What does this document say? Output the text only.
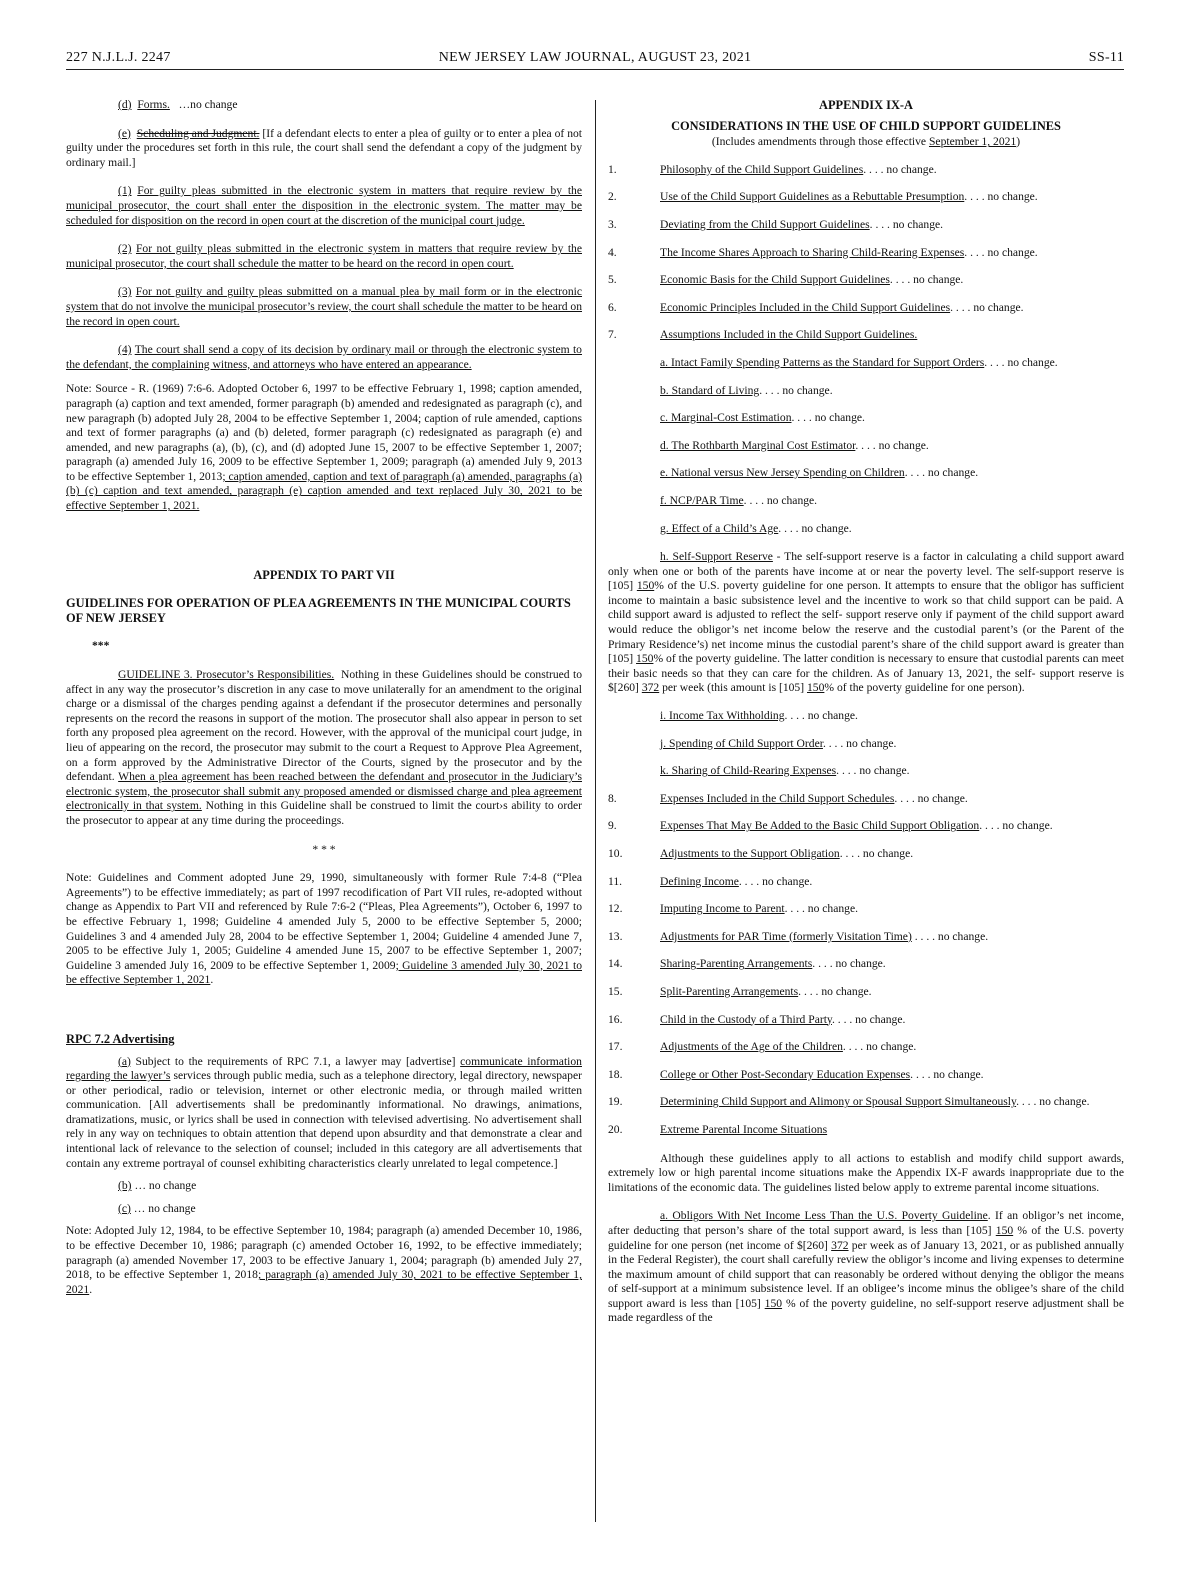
227 N.J.L.J. 2247	NEW JERSEY LAW JOURNAL, AUGUST 23, 2021	SS-11

(d) Forms. …no change

(e) Scheduling and Judgment. [If a defendant elects to enter a plea of guilty or to enter a plea of not guilty under the procedures set forth in this rule, the court shall send the defendant a copy of the judgment by ordinary mail.]

(1) For guilty pleas submitted in the electronic system in matters that require review by the municipal prosecutor, the court shall enter the disposition in the electronic system. The matter may be scheduled for disposition on the record in open court at the discretion of the municipal court judge.

(2) For not guilty pleas submitted in the electronic system in matters that require review by the municipal prosecutor, the court shall schedule the matter to be heard on the record in open court.

(3) For not guilty and guilty pleas submitted on a manual plea by mail form or in the electronic system that do not involve the municipal prosecutor’s review, the court shall schedule the matter to be heard on the record in open court.

(4) The court shall send a copy of its decision by ordinary mail or through the electronic system to the defendant, the complaining witness, and attorneys who have entered an appearance.

Note: Source - R. (1969) 7:6-6. Adopted October 6, 1997 to be effective February 1, 1998; caption amended, paragraph (a) caption and text amended, former paragraph (b) amended and redesignated as paragraph (c), and new paragraph (b) adopted July 28, 2004 to be effective September 1, 2004; caption of rule amended, captions and text of former paragraphs (a) and (b) deleted, former paragraph (c) redesignated as paragraph (e) and amended, and new paragraphs (a), (b), (c), and (d) adopted June 15, 2007 to be effective September 1, 2007; paragraph (a) amended July 16, 2009 to be effective September 1, 2009; paragraph (a) amended July 9, 2013 to be effective September 1, 2013; caption amended, caption and text of paragraph (a) amended, paragraphs (a) (b) (c) caption and text amended, paragraph (e) caption amended and text replaced July 30, 2021 to be effective September 1, 2021.

APPENDIX TO PART VII

GUIDELINES FOR OPERATION OF PLEA AGREEMENTS IN THE MUNICIPAL COURTS OF NEW JERSEY

***

GUIDELINE 3. Prosecutor’s Responsibilities. Nothing in these Guidelines should be construed to affect in any way the prosecutor’s discretion in any case to move unilaterally for an amendment to the original charge or a dismissal of the charges pending against a defendant if the prosecutor determines and personally represents on the record the reasons in support of the motion. The prosecutor shall also appear in person to set forth any proposed plea agreement on the record. However, with the approval of the municipal court judge, in lieu of appearing on the record, the prosecutor may submit to the court a Request to Approve Plea Agreement, on a form approved by the Administrative Director of the Courts, signed by the prosecutor and by the defendant. When a plea agreement has been reached between the defendant and prosecutor in the Judiciary’s electronic system, the prosecutor shall submit any proposed amended or dismissed charge and plea agreement electronically in that system. Nothing in this Guideline shall be construed to limit the court›s ability to order the prosecutor to appear at any time during the proceedings.

* * *

Note: Guidelines and Comment adopted June 29, 1990, simultaneously with former Rule 7:4-8 (“Plea Agreements”) to be effective immediately; as part of 1997 recodification of Part VII rules, re-adopted without change as Appendix to Part VII and referenced by Rule 7:6-2 (“Pleas, Plea Agreements”), October 6, 1997 to be effective February 1, 1998; Guideline 4 amended July 5, 2000 to be effective September 5, 2000; Guidelines 3 and 4 amended July 28, 2004 to be effective September 1, 2004; Guideline 4 amended June 7, 2005 to be effective July 1, 2005; Guideline 4 amended June 15, 2007 to be effective September 1, 2007; Guideline 3 amended July 16, 2009 to be effective September 1, 2009; Guideline 3 amended July 30, 2021 to be effective September 1, 2021.

RPC 7.2 Advertising

(a) Subject to the requirements of RPC 7.1, a lawyer may [advertise] communicate information regarding the lawyer’s services through public media, such as a telephone directory, legal directory, newspaper or other periodical, radio or television, internet or other electronic media, or through mailed written communication. [All advertisements shall be predominantly informational. No drawings, animations, dramatizations, music, or lyrics shall be used in connection with televised advertising. No advertisement shall rely in any way on techniques to obtain attention that depend upon absurdity and that demonstrate a clear and intentional lack of relevance to the selection of counsel; included in this category are all advertisements that contain any extreme portrayal of counsel exhibiting characteristics clearly unrelated to legal competence.]

(b) … no change

(c) … no change

Note: Adopted July 12, 1984, to be effective September 10, 1984; paragraph (a) amended December 10, 1986, to be effective December 10, 1986; paragraph (c) amended October 16, 1992, to be effective immediately; paragraph (a) amended November 17, 2003 to be effective January 1, 2004; paragraph (b) amended July 27, 2018, to be effective September 1, 2018; paragraph (a) amended July 30, 2021 to be effective September 1, 2021.

APPENDIX IX-A

CONSIDERATIONS IN THE USE OF CHILD SUPPORT GUIDELINES

(Includes amendments through those effective September 1, 2021)

1.	Philosophy of the Child Support Guidelines. . . . no change.
2.	Use of the Child Support Guidelines as a Rebuttable Presumption. . . . no change.
3.	Deviating from the Child Support Guidelines. . . . no change.
4.	The Income Shares Approach to Sharing Child-Rearing Expenses. . . . no change.
5.	Economic Basis for the Child Support Guidelines. . . . no change.
6.	Economic Principles Included in the Child Support Guidelines. . . . no change.
7.	Assumptions Included in the Child Support Guidelines.

a. Intact Family Spending Patterns as the Standard for Support Orders. . . . no change.

b. Standard of Living. . . . no change.

c. Marginal-Cost Estimation. . . . no change.

d. The Rothbarth Marginal Cost Estimator. . . . no change.

e. National versus New Jersey Spending on Children. . . . no change.

f. NCP/PAR Time. . . . no change.

g. Effect of a Child’s Age. . . . no change.

h. Self-Support Reserve - The self-support reserve is a factor in calculating a child support award only when one or both of the parents have income at or near the poverty level. The self-support reserve is [105] 150% of the U.S. poverty guideline for one person. It attempts to ensure that the obligor has sufficient income to maintain a basic subsistence level and the incentive to work so that child support can be paid. A child support award is adjusted to reflect the self- support reserve only if payment of the child support award would reduce the obligor’s net income below the reserve and the custodial parent’s (or the Parent of the Primary Residence’s) net income minus the custodial parent’s share of the child support award is greater than [105] 150% of the poverty guideline. The latter condition is necessary to ensure that custodial parents can meet their basic needs so that they can care for the children. As of January 13, 2021, the self- support reserve is $[260] 372 per week (this amount is [105] 150% of the poverty guideline for one person).

i. Income Tax Withholding. . . . no change.

j. Spending of Child Support Order. . . . no change.

k. Sharing of Child-Rearing Expenses. . . . no change.

8.	Expenses Included in the Child Support Schedules. . . . no change.
9.	Expenses That May Be Added to the Basic Child Support Obligation. . . . no change.
10.	Adjustments to the Support Obligation. . . . no change.
11.	Defining Income. . . . no change.
12.	Imputing Income to Parent. . . . no change.
13.	Adjustments for PAR Time (formerly Visitation Time) . . . . no change.
14.	Sharing-Parenting Arrangements. . . . no change.
15.	Split-Parenting Arrangements. . . . no change.
16.	Child in the Custody of a Third Party. . . . no change.
17.	Adjustments of the Age of the Children. . . . no change.
18.	College or Other Post-Secondary Education Expenses. . . . no change.
19.	Determining Child Support and Alimony or Spousal Support Simultaneously. . . . no change.
20.	Extreme Parental Income Situations

Although these guidelines apply to all actions to establish and modify child support awards, extremely low or high parental income situations make the Appendix IX-F awards inappropriate due to the limitations of the economic data. The guidelines listed below apply to extreme parental income situations.

a. Obligors With Net Income Less Than the U.S. Poverty Guideline. If an obligor’s net income, after deducting that person’s share of the total support award, is less than [105] 150 % of the U.S. poverty guideline for one person (net income of $[260] 372 per week as of January 13, 2021, or as published annually in the Federal Register), the court shall carefully review the obligor’s income and living expenses to determine the maximum amount of child support that can reasonably be ordered without denying the obligor the means of self-support at a minimum subsistence level. If an obligee’s income minus the obligee’s share of the child support award is less than [105] 150 % of the poverty guideline, no self-support reserve adjustment shall be made regardless of the
